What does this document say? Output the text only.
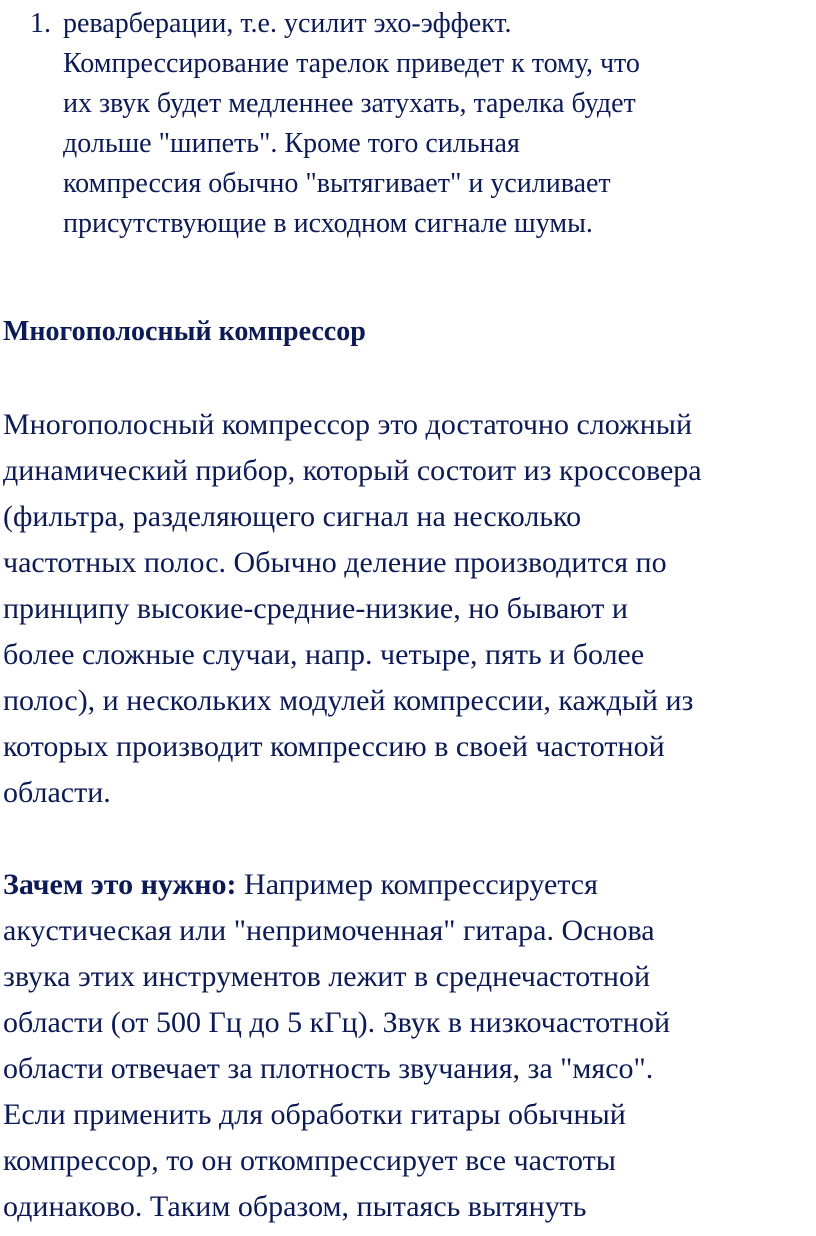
1. реварберации, т.е. усилит эхо-эффект.
Компрессирование тарелок приведет к тому, что
их звук будет медленнее затухать, тарелка будет
дольше "шипеть". Кроме того сильная
компрессия обычно "вытягивает" и усиливает
присутствующие в исходном сигнале шумы.
Многополосный компрессор
Многополосный компрессор это достаточно сложный
динамический прибор, который состоит из кроссовера
(фильтра, разделяющего сигнал на несколько
частотных полос. Обычно деление производится по
принципу высокие-средние-низкие, но бывают и
более сложные случаи, напр. четыре, пять и более
полос), и нескольких модулей компрессии, каждый из
которых производит компрессию в своей частотной
области.
Зачем это нужно: Например компрессируется
акустическая или "непримоченная" гитара. Основа
звука этих инструментов лежит в среднечастотной
области (от 500 Гц до 5 кГц). Звук в низкочастотной
области отвечает за плотность звучания, за "мясо".
Если применить для обработки гитары обычный
компрессор, то он откомпрессирует все частоты
одинаково. Таким образом, пытаясь вытянуть
